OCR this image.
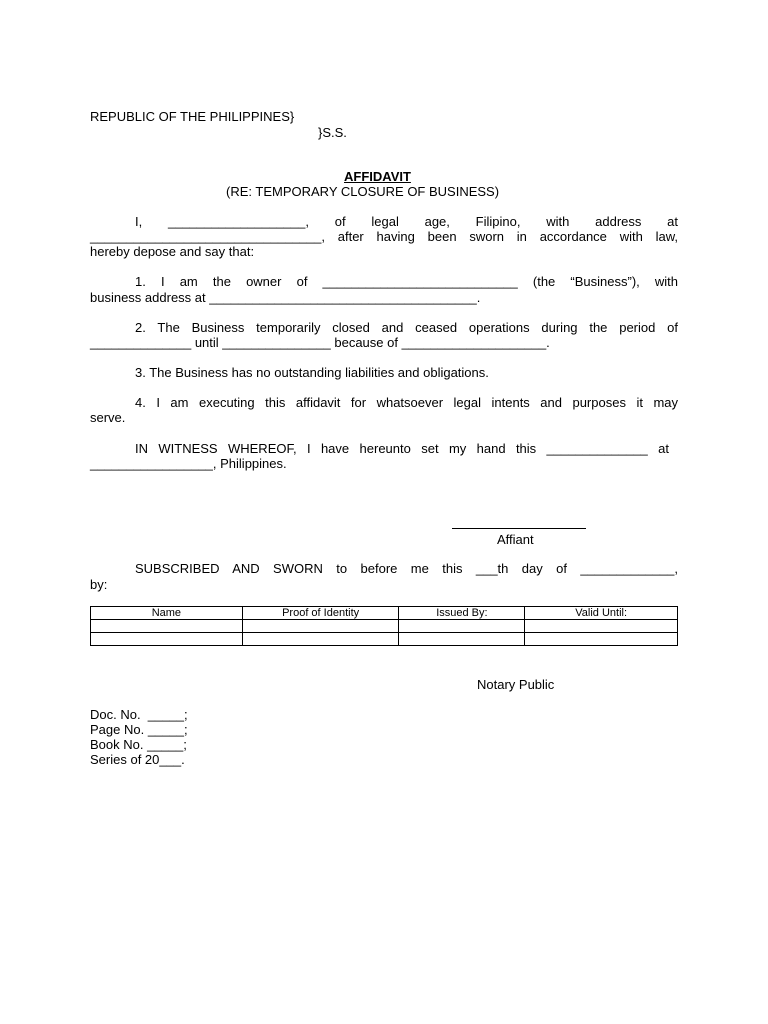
REPUBLIC OF THE PHILIPPINES}
}S.S.
AFFIDAVIT
(RE: TEMPORARY CLOSURE OF BUSINESS)
I, ___________________, of legal age, Filipino, with address at
________________________________, after having been sworn in accordance with law,
hereby depose and say that:
1. I am the owner of ___________________________ (the “Business”), with
business address at _____________________________________.
2. The Business temporarily closed and ceased operations during the period of
______________ until _______________ because of ____________________.
3. The Business has no outstanding liabilities and obligations.
4. I am executing this affidavit for whatsoever legal intents and purposes it may
serve.
IN WITNESS WHEREOF, I have hereunto set my hand this ______________ at
_________________, Philippines.
Affiant
SUBSCRIBED AND SWORN to before me this ___th day of _____________,
by:
Name	Proof of Identity	Issued By:	Valid Until:

Notary Public
Doc. No.  _____;
Page No. _____;
Book No. _____;
Series of 20___.
